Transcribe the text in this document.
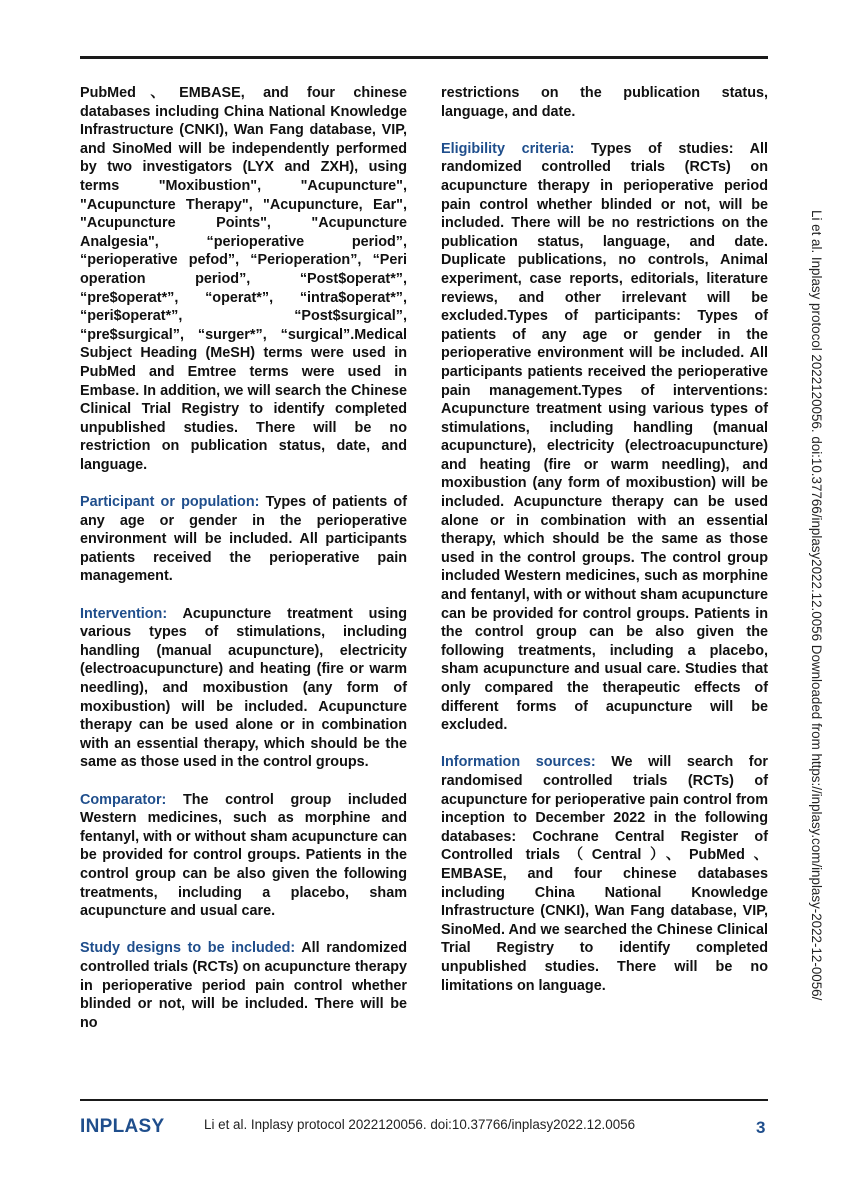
PubMed、EMBASE, and four chinese databases including China National Knowledge Infrastructure (CNKI), Wan Fang database, VIP, and SinoMed will be independently performed by two investigators (LYX and ZXH), using terms "Moxibustion", "Acupuncture", "Acupuncture Therapy", "Acupuncture, Ear", "Acupuncture Points", "Acupuncture Analgesia", “perioperative period”, “perioperative pefod”, “Perioperation”, “Peri operation period”, “Post$operat*”, “pre$operat*”, “operat*”, “intra$operat*”, “peri$operat*”, “Post$surgical”, “pre$surgical”, “surger*”, “surgical”.Medical Subject Heading (MeSH) terms were used in PubMed and Emtree terms were used in Embase. In addition, we will search the Chinese Clinical Trial Registry to identify completed unpublished studies. There will be no restriction on publication status, date, and language.

Participant or population: Types of patients of any age or gender in the perioperative environment will be included. All participants patients received the perioperative pain management.

Intervention: Acupuncture treatment using various types of stimulations, including handling (manual acupuncture), electricity (electroacupuncture) and heating (fire or warm needling), and moxibustion (any form of moxibustion) will be included. Acupuncture therapy can be used alone or in combination with an essential therapy, which should be the same as those used in the control groups.

Comparator: The control group included Western medicines, such as morphine and fentanyl, with or without sham acupuncture can be provided for control groups. Patients in the control group can be also given the following treatments, including a placebo, sham acupuncture and usual care.

Study designs to be included: All randomized controlled trials (RCTs) on acupuncture therapy in perioperative period pain control whether blinded or not, will be included. There will be no

restrictions on the publication status, language, and date.

Eligibility criteria: Types of studies: All randomized controlled trials (RCTs) on acupuncture therapy in perioperative period pain control whether blinded or not, will be included. There will be no restrictions on the publication status, language, and date. Duplicate publications, no controls, Animal experiment, case reports, editorials, literature reviews, and other irrelevant will be excluded.Types of participants: Types of patients of any age or gender in the perioperative environment will be included. All participants patients received the perioperative pain management.Types of interventions: Acupuncture treatment using various types of stimulations, including handling (manual acupuncture), electricity (electroacupuncture) and heating (fire or warm needling), and moxibustion (any form of moxibustion) will be included. Acupuncture therapy can be used alone or in combination with an essential therapy, which should be the same as those used in the control groups. The control group included Western medicines, such as morphine and fentanyl, with or without sham acupuncture can be provided for control groups. Patients in the control group can be also given the following treatments, including a placebo, sham acupuncture and usual care. Studies that only compared the therapeutic effects of different forms of acupuncture will be excluded.

Information sources: We will search for randomised controlled trials (RCTs) of acupuncture for perioperative pain control from inception to December 2022 in the following databases: Cochrane Central Register of Controlled trials（Central）、PubMed、EMBASE, and four chinese databases including China National Knowledge Infrastructure (CNKI), Wan Fang database, VIP, SinoMed. And we searched the Chinese Clinical Trial Registry to identify completed unpublished studies. There will be no limitations on language.	Li et al. Inplasy protocol 2022120056. doi:10.37766/inplasy2022.12.0056 Downloaded from https://inplasy.com/inplasy-2022-12-0056/
INPLASY	Li et al. Inplasy protocol 2022120056. doi:10.37766/inplasy2022.12.0056	3
